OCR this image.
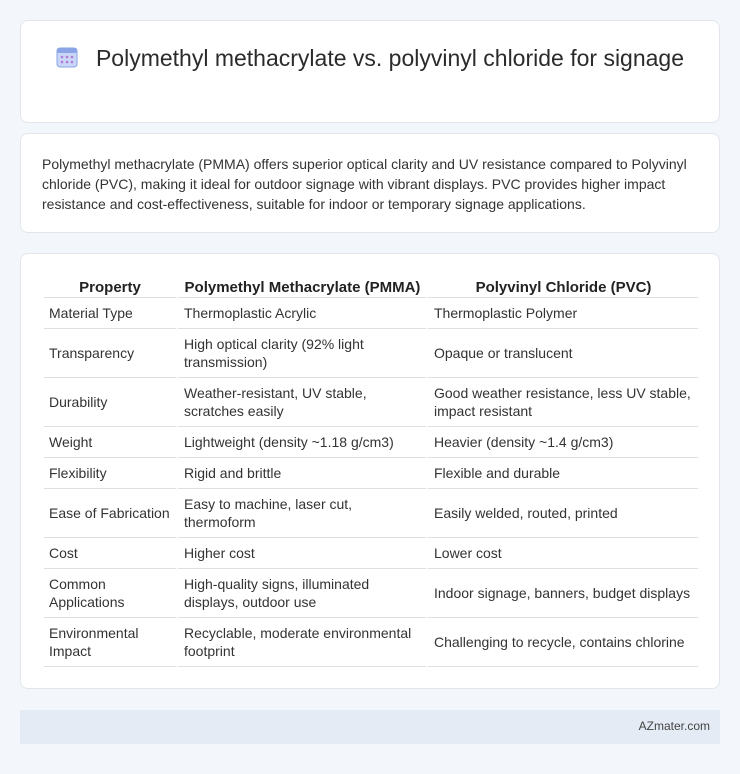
Polymethyl methacrylate vs. polyvinyl chloride for signage

Polymethyl methacrylate (PMMA) offers superior optical clarity and UV resistance compared to Polyvinyl chloride (PVC), making it ideal for outdoor signage with vibrant displays. PVC provides higher impact resistance and cost-effectiveness, suitable for indoor or temporary signage applications.

Property	Polymethyl Methacrylate (PMMA)	Polyvinyl Chloride (PVC)
Material Type	Thermoplastic Acrylic	Thermoplastic Polymer
Transparency	High optical clarity (92% light transmission)	Opaque or translucent
Durability	Weather-resistant, UV stable, scratches easily	Good weather resistance, less UV stable, impact resistant
Weight	Lightweight (density ~1.18 g/cm3)	Heavier (density ~1.4 g/cm3)
Flexibility	Rigid and brittle	Flexible and durable
Ease of Fabrication	Easy to machine, laser cut, thermoform	Easily welded, routed, printed
Cost	Higher cost	Lower cost
Common Applications	High-quality signs, illuminated displays, outdoor use	Indoor signage, banners, budget displays
Environmental Impact	Recyclable, moderate environmental footprint	Challenging to recycle, contains chlorine
AZmater.com
